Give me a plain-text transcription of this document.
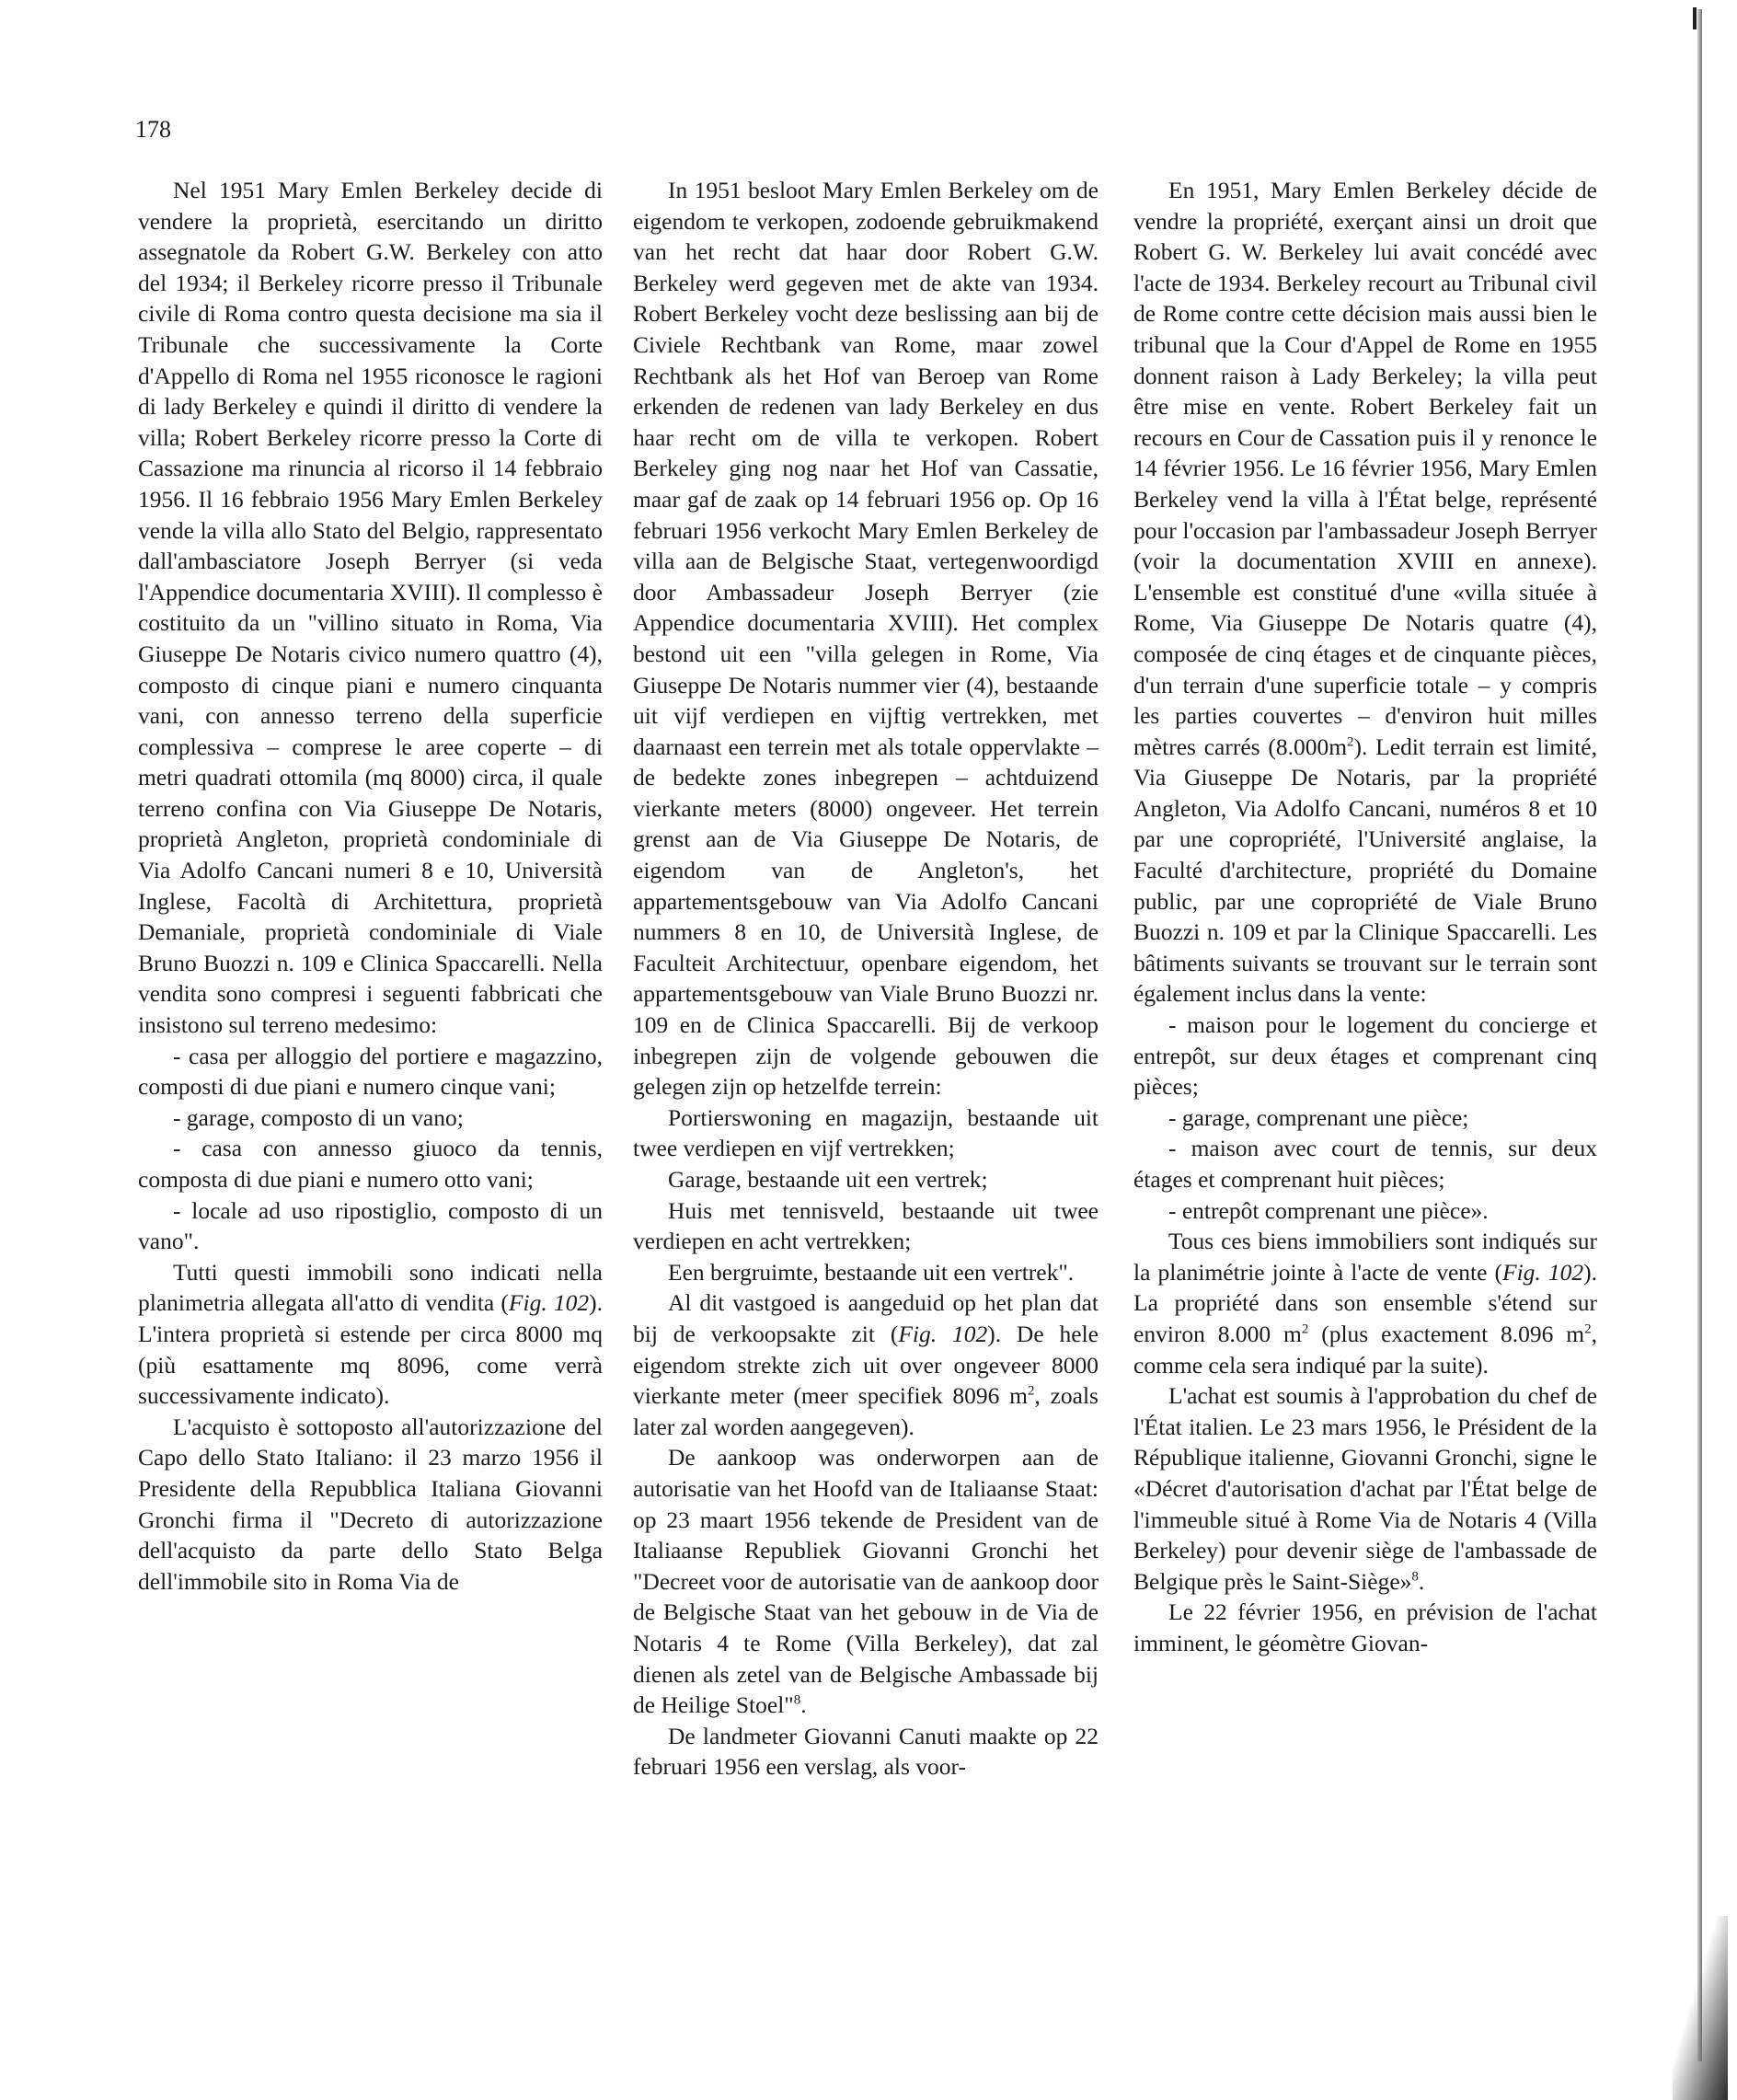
178

Nel 1951 Mary Emlen Berkeley decide di vendere la proprietà, esercitando un diritto assegnatole da Robert G.W. Berkeley con atto del 1934; il Berkeley ricorre presso il Tribunale civile di Roma contro questa decisione ma sia il Tribunale che successivamente la Corte d'Appello di Roma nel 1955 riconosce le ragioni di lady Berkeley e quindi il diritto di vendere la villa; Robert Berkeley ricorre presso la Corte di Cassazione ma rinuncia al ricorso il 14 febbraio 1956. Il 16 febbraio 1956 Mary Emlen Berkeley vende la villa allo Stato del Belgio, rappresentato dall'ambasciatore Joseph Berryer (si veda l'Appendice documentaria XVIII). Il complesso è costituito da un "villino situato in Roma, Via Giuseppe De Notaris civico numero quattro (4), composto di cinque piani e numero cinquanta vani, con annesso terreno della superficie complessiva – comprese le aree coperte – di metri quadrati ottomila (mq 8000) circa, il quale terreno confina con Via Giuseppe De Notaris, proprietà Angleton, proprietà condominiale di Via Adolfo Cancani numeri 8 e 10, Università Inglese, Facoltà di Architettura, proprietà Demaniale, proprietà condominiale di Viale Bruno Buozzi n. 109 e Clinica Spaccarelli. Nella vendita sono compresi i seguenti fabbricati che insistono sul terreno medesimo:

- casa per alloggio del portiere e magazzino, composti di due piani e numero cinque vani;

- garage, composto di un vano;

- casa con annesso giuoco da tennis, composta di due piani e numero otto vani;

- locale ad uso ripostiglio, composto di un vano".

Tutti questi immobili sono indicati nella planimetria allegata all'atto di vendita (Fig. 102). L'intera proprietà si estende per circa 8000 mq (più esattamente mq 8096, come verrà successivamente indicato).

L'acquisto è sottoposto all'autorizzazione del Capo dello Stato Italiano: il 23 marzo 1956 il Presidente della Repubblica Italiana Giovanni Gronchi firma il "Decreto di autorizzazione dell'acquisto da parte dello Stato Belga dell'immobile sito in Roma Via de

In 1951 besloot Mary Emlen Berkeley om de eigendom te verkopen, zodoende gebruikmakend van het recht dat haar door Robert G.W. Berkeley werd gegeven met de akte van 1934. Robert Berkeley vocht deze beslissing aan bij de Civiele Rechtbank van Rome, maar zowel Rechtbank als het Hof van Beroep van Rome erkenden de redenen van lady Berkeley en dus haar recht om de villa te verkopen. Robert Berkeley ging nog naar het Hof van Cassatie, maar gaf de zaak op 14 februari 1956 op. Op 16 februari 1956 verkocht Mary Emlen Berkeley de villa aan de Belgische Staat, vertegenwoordigd door Ambassadeur Joseph Berryer (zie Appendice documentaria XVIII). Het complex bestond uit een "villa gelegen in Rome, Via Giuseppe De Notaris nummer vier (4), bestaande uit vijf verdiepen en vijftig vertrekken, met daarnaast een terrein met als totale oppervlakte – de bedekte zones inbegrepen – achtduizend vierkante meters (8000) ongeveer. Het terrein grenst aan de Via Giuseppe De Notaris, de eigendom van de Angleton's, het appartementsgebouw van Via Adolfo Cancani nummers 8 en 10, de Università Inglese, de Faculteit Architectuur, openbare eigendom, het appartementsgebouw van Viale Bruno Buozzi nr. 109 en de Clinica Spaccarelli. Bij de verkoop inbegrepen zijn de volgende gebouwen die gelegen zijn op hetzelfde terrein:

Portierswoning en magazijn, bestaande uit twee verdiepen en vijf vertrekken;

Garage, bestaande uit een vertrek;

Huis met tennisveld, bestaande uit twee verdiepen en acht vertrekken;

Een bergruimte, bestaande uit een vertrek".

Al dit vastgoed is aangeduid op het plan dat bij de verkoopsakte zit (Fig. 102). De hele eigendom strekte zich uit over ongeveer 8000 vierkante meter (meer specifiek 8096 $m^2$, zoals later zal worden aangegeven).

De aankoop was onderworpen aan de autorisatie van het Hoofd van de Italiaanse Staat: op 23 maart 1956 tekende de President van de Italiaanse Republiek Giovanni Gronchi het "Decreet voor de autorisatie van de aankoop door de Belgische Staat van het gebouw in de Via de Notaris 4 te Rome (Villa Berkeley), dat zal dienen als zetel van de Belgische Ambassade bij de Heilige Stoel"$^8$.

De landmeter Giovanni Canuti maakte op 22 februari 1956 een verslag, als voor-

En 1951, Mary Emlen Berkeley décide de vendre la propriété, exerçant ainsi un droit que Robert G. W. Berkeley lui avait concédé avec l'acte de 1934. Berkeley recourt au Tribunal civil de Rome contre cette décision mais aussi bien le tribunal que la Cour d'Appel de Rome en 1955 donnent raison à Lady Berkeley; la villa peut être mise en vente. Robert Berkeley fait un recours en Cour de Cassation puis il y renonce le 14 février 1956. Le 16 février 1956, Mary Emlen Berkeley vend la villa à l'État belge, représenté pour l'occasion par l'ambassadeur Joseph Berryer (voir la documentation XVIII en annexe). L'ensemble est constitué d'une «villa située à Rome, Via Giuseppe De Notaris quatre (4), composée de cinq étages et de cinquante pièces, d'un terrain d'une superficie totale – y compris les parties couvertes – d'environ huit milles mètres carrés $(8.000m^2)$. Ledit terrain est limité, Via Giuseppe De Notaris, par la propriété Angleton, Via Adolfo Cancani, numéros 8 et 10 par une copropriété, l'Université anglaise, la Faculté d'architecture, propriété du Domaine public, par une copropriété de Viale Bruno Buozzi n. 109 et par la Clinique Spaccarelli. Les bâtiments suivants se trouvant sur le terrain sont également inclus dans la vente:

- maison pour le logement du concierge et entrepôt, sur deux étages et comprenant cinq pièces;

- garage, comprenant une pièce;

- maison avec court de tennis, sur deux étages et comprenant huit pièces;

- entrepôt comprenant une pièce».

Tous ces biens immobiliers sont indiqués sur la planimétrie jointe à l'acte de vente (Fig. 102). La propriété dans son ensemble s'étend sur environ 8.000 $m^2$ (plus exactement 8.096 $m^2$, comme cela sera indiqué par la suite).

L'achat est soumis à l'approbation du chef de l'État italien. Le 23 mars 1956, le Président de la République italienne, Giovanni Gronchi, signe le «Décret d'autorisation d'achat par l'État belge de l'immeuble situé à Rome Via de Notaris 4 (Villa Berkeley) pour devenir siège de l'ambassade de Belgique près le Saint-Siège»$^8$.

Le 22 février 1956, en prévision de l'achat imminent, le géomètre Giovan-
